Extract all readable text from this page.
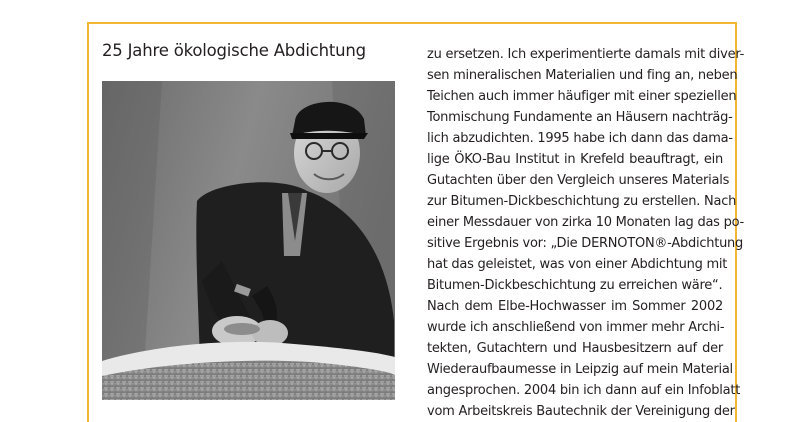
25 Jahre ökologische Abdichtung	zu ersetzen. Ich experimentierte damals mit diver-
sen mineralischen Materialien und fing an, neben
Teichen auch immer häufiger mit einer speziellen
Tonmischung Fundamente an Häusern nachträg-
lich abzudichten. 1995 habe ich dann das dama-
lige ÖKO-Bau Institut in Krefeld beauftragt, ein
Gutachten über den Vergleich unseres Materials
zur Bitumen-Dickbeschichtung zu erstellen. Nach
einer Messdauer von zirka 10 Monaten lag das po-
sitive Ergebnis vor: „Die DERNOTON®-Abdichtung
hat das geleistet, was von einer Abdichtung mit
Bitumen-Dickbeschichtung zu erreichen wäre“.
Nach dem Elbe-Hochwasser im Sommer 2002
wurde ich anschließend von immer mehr Archi-
tekten, Gutachtern und Hausbesitzern auf der
Wiederaufbaumesse in Leipzig auf mein Material
angesprochen. 2004 bin ich dann auf ein Infoblatt
vom Arbeitskreis Bautechnik der Vereinigung der
